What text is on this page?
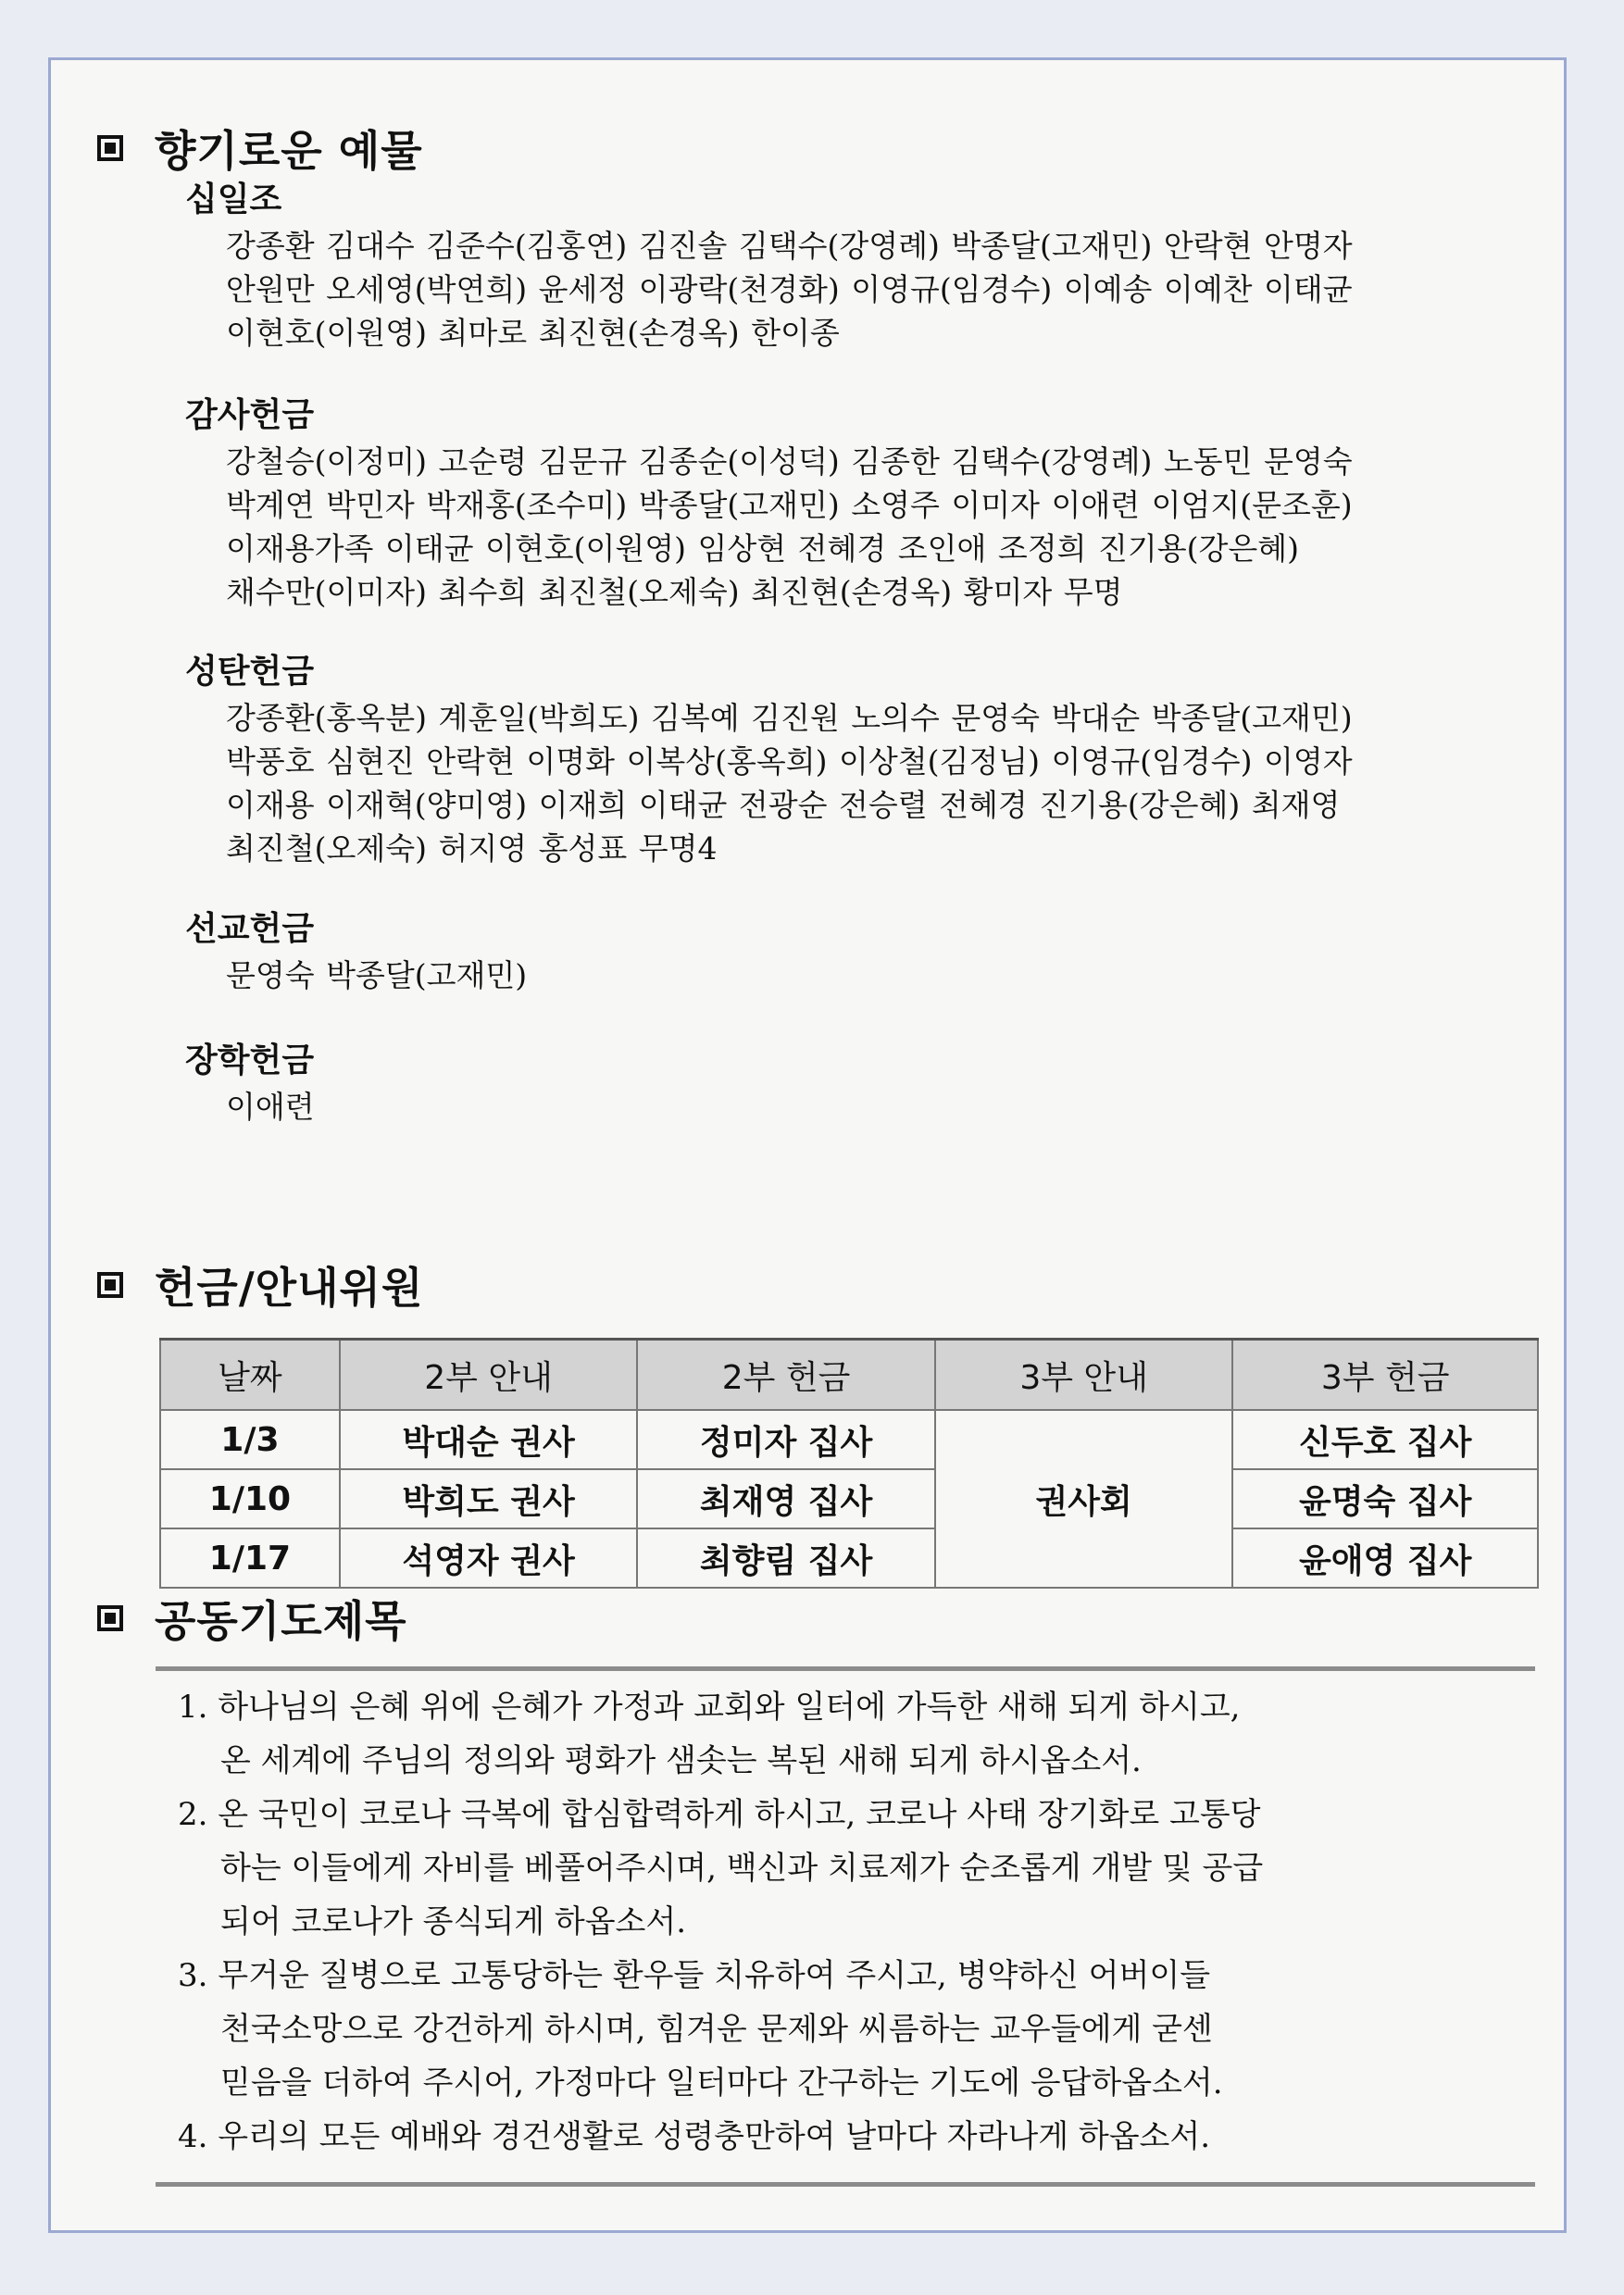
향기로운 예물
십일조
강종환 김대수 김준수(김홍연) 김진솔 김택수(강영례) 박종달(고재민) 안락현 안명자
안원만 오세영(박연희) 윤세정 이광락(천경화) 이영규(임경수) 이예송 이예찬 이태균
이현호(이원영) 최마로 최진현(손경옥) 한이종
감사헌금
강철승(이정미) 고순령 김문규 김종순(이성덕) 김종한 김택수(강영례) 노동민 문영숙
박계연 박민자 박재홍(조수미) 박종달(고재민) 소영주 이미자 이애련 이엄지(문조훈)
이재용가족 이태균 이현호(이원영) 임상현 전혜경 조인애 조정희 진기용(강은혜)
채수만(이미자) 최수희 최진철(오제숙) 최진현(손경옥) 황미자 무명
성탄헌금
강종환(홍옥분) 계훈일(박희도) 김복예 김진원 노의수 문영숙 박대순 박종달(고재민)
박풍호 심현진 안락현 이명화 이복상(홍옥희) 이상철(김정님) 이영규(임경수) 이영자
이재용 이재혁(양미영) 이재희 이태균 전광순 전승렬 전혜경 진기용(강은혜) 최재영
최진철(오제숙) 허지영 홍성표 무명4
선교헌금
문영숙 박종달(고재민)
장학헌금
이애련
헌금/안내위원
날짜	2부 안내	2부 헌금	3부 안내	3부 헌금
1/3	박대순 권사	정미자 집사	권사회	신두호 집사
1/10	박희도 권사	최재영 집사		윤명숙 집사
1/17	석영자 권사	최향림 집사		윤애영 집사
공동기도제목
1. 하나님의 은혜 위에 은혜가 가정과 교회와 일터에 가득한 새해 되게 하시고,
온 세계에 주님의 정의와 평화가 샘솟는 복된 새해 되게 하시옵소서.
2. 온 국민이 코로나 극복에 합심합력하게 하시고, 코로나 사태 장기화로 고통당
하는 이들에게 자비를 베풀어주시며, 백신과 치료제가 순조롭게 개발 및 공급
되어 코로나가 종식되게 하옵소서.
3. 무거운 질병으로 고통당하는 환우들 치유하여 주시고, 병약하신 어버이들
천국소망으로 강건하게 하시며, 힘겨운 문제와 씨름하는 교우들에게 굳센
믿음을 더하여 주시어, 가정마다 일터마다 간구하는 기도에 응답하옵소서.
4. 우리의 모든 예배와 경건생활로 성령충만하여 날마다 자라나게 하옵소서.
